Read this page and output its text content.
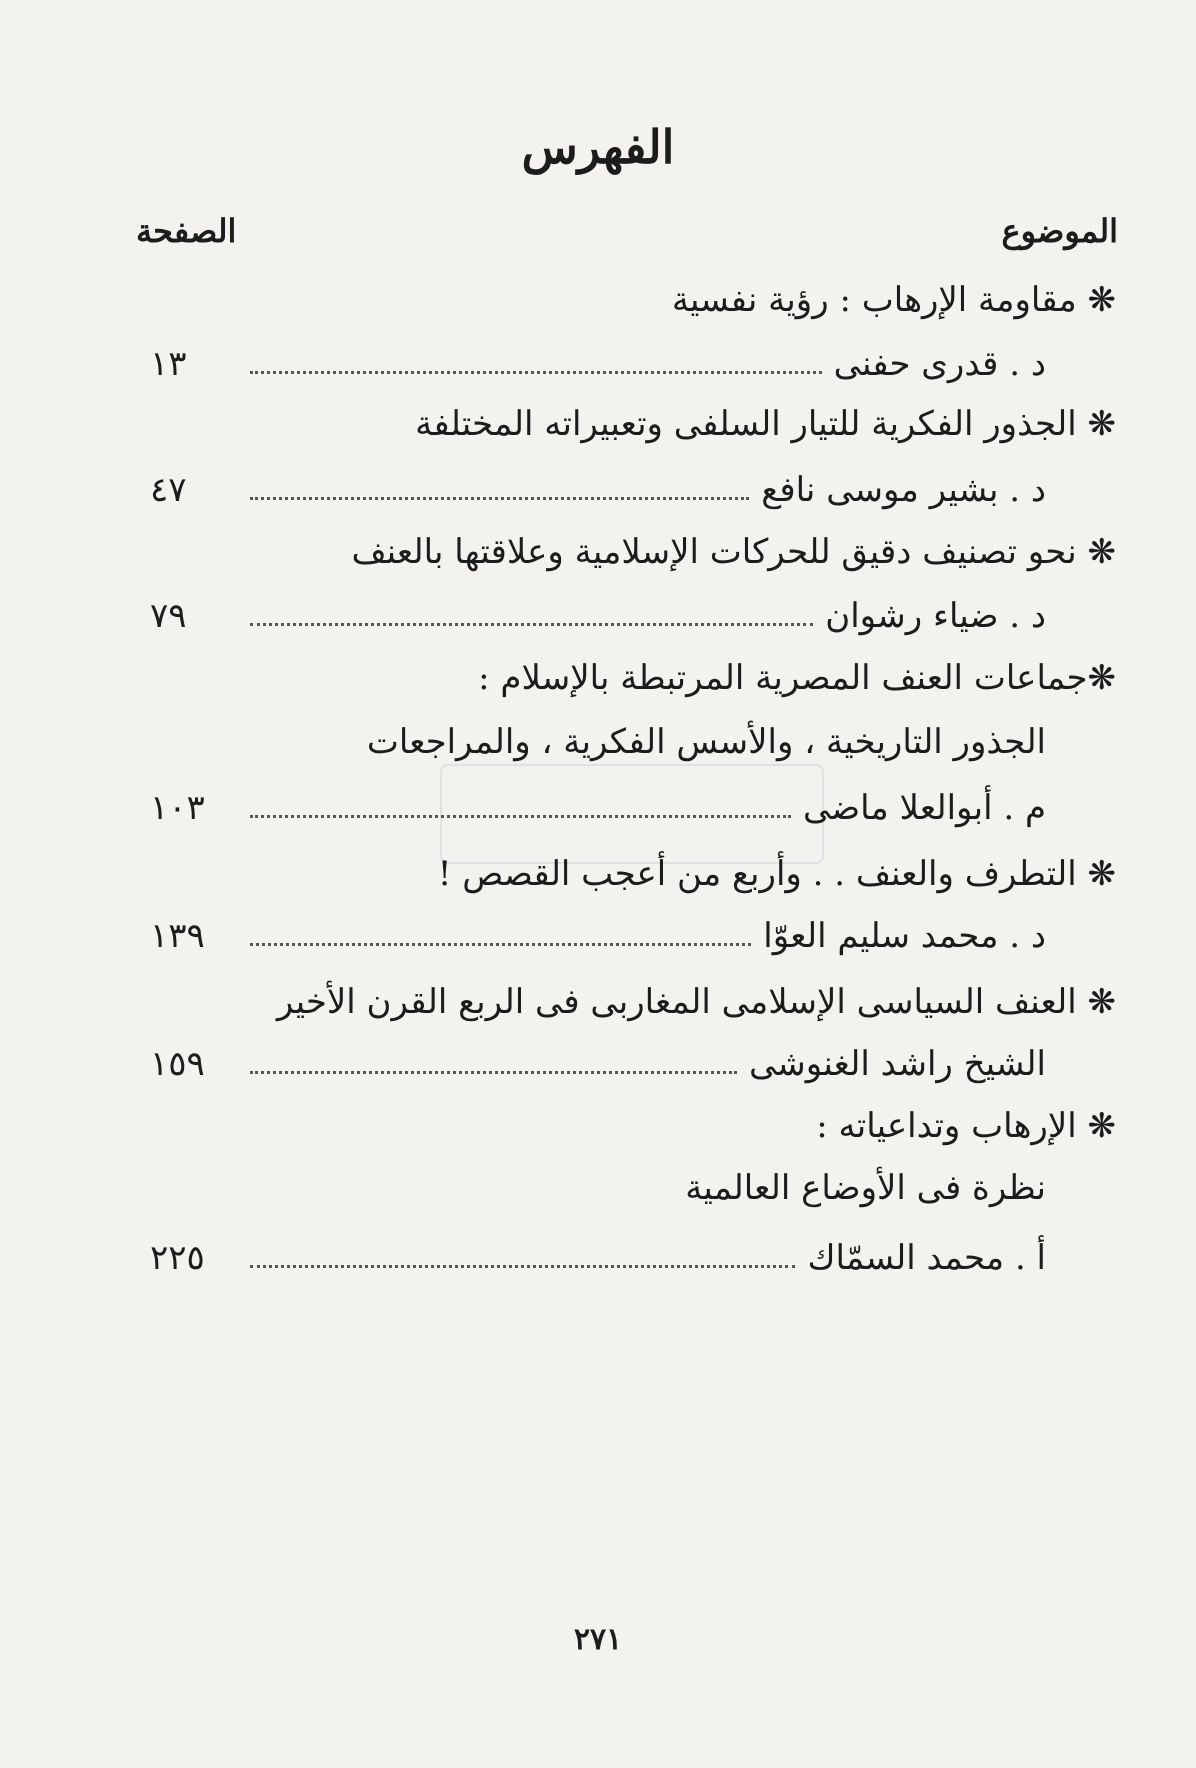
الفهرس
الموضوع
الصفحة
❋ مقاومة الإرهاب : رؤية نفسية
١٣	د . قدرى حفنى
❋ الجذور الفكرية للتيار السلفى وتعبيراته المختلفة
٤٧	د . بشير موسى نافع
❋ نحو تصنيف دقيق للحركات الإسلامية وعلاقتها بالعنف
٧٩	د . ضياء رشوان
❋جماعات العنف المصرية المرتبطة بالإسلام :
الجذور التاريخية ، والأسس الفكرية ، والمراجعات
١٠٣	م . أبوالعلا ماضى
❋ التطرف والعنف . . وأربع من أعجب القصص !
١٣٩	د . محمد سليم العوّا
❋ العنف السياسى الإسلامى المغاربى فى الربع القرن الأخير
١٥٩	الشيخ راشد الغنوشى
❋ الإرهاب وتداعياته :
نظرة فى الأوضاع العالمية
٢٢٥	أ . محمد السمّاك
٢٧١
